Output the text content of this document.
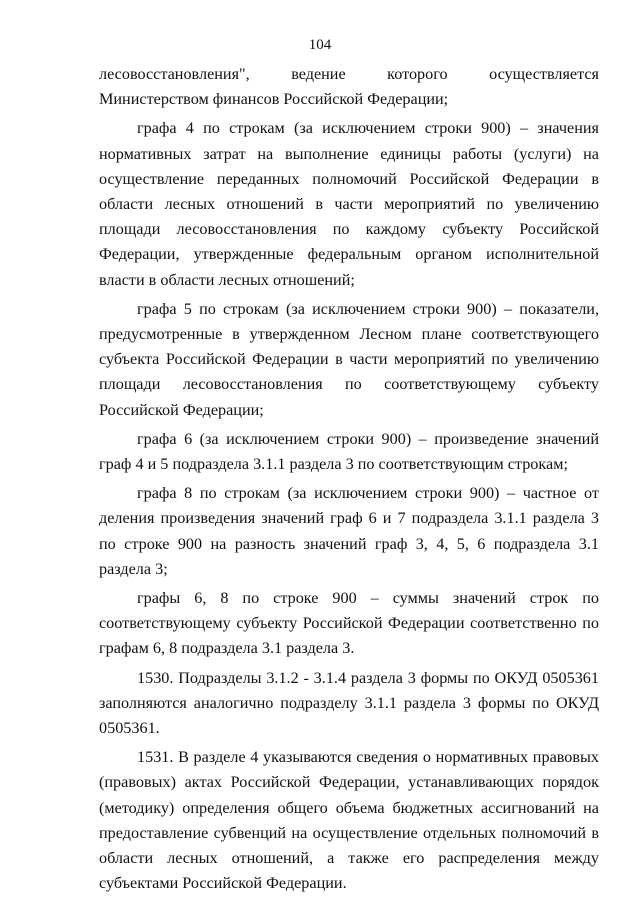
104

лесовосстановления", ведение которого осуществляется Министерством финансов Российской Федерации;

графа 4 по строкам (за исключением строки 900) – значения нормативных затрат на выполнение единицы работы (услуги) на осуществление переданных полномочий Российской Федерации в области лесных отношений в части мероприятий по увеличению площади лесовосстановления по каждому субъекту Российской Федерации, утвержденные федеральным органом исполнительной власти в области лесных отношений;

графа 5 по строкам (за исключением строки 900) – показатели, предусмотренные в утвержденном Лесном плане соответствующего субъекта Российской Федерации в части мероприятий по увеличению площади лесовосстановления по соответствующему субъекту Российской Федерации;

графа 6 (за исключением строки 900) – произведение значений граф 4 и 5 подраздела 3.1.1 раздела 3 по соответствующим строкам;

графа 8 по строкам (за исключением строки 900) – частное от деления произведения значений граф 6 и 7 подраздела 3.1.1 раздела 3 по строке 900 на разность значений граф 3, 4, 5, 6 подраздела 3.1 раздела 3;

графы 6, 8 по строке 900 – суммы значений строк по соответствующему субъекту Российской Федерации соответственно по графам 6, 8 подраздела 3.1 раздела 3.

1530. Подразделы 3.1.2 - 3.1.4 раздела 3 формы по ОКУД 0505361 заполняются аналогично подразделу 3.1.1 раздела 3 формы по ОКУД 0505361.

1531. В разделе 4 указываются сведения о нормативных правовых (правовых) актах Российской Федерации, устанавливающих порядок (методику) определения общего объема бюджетных ассигнований на предоставление субвенций на осуществление отдельных полномочий в области лесных отношений, а также его распределения между субъектами Российской Федерации.
